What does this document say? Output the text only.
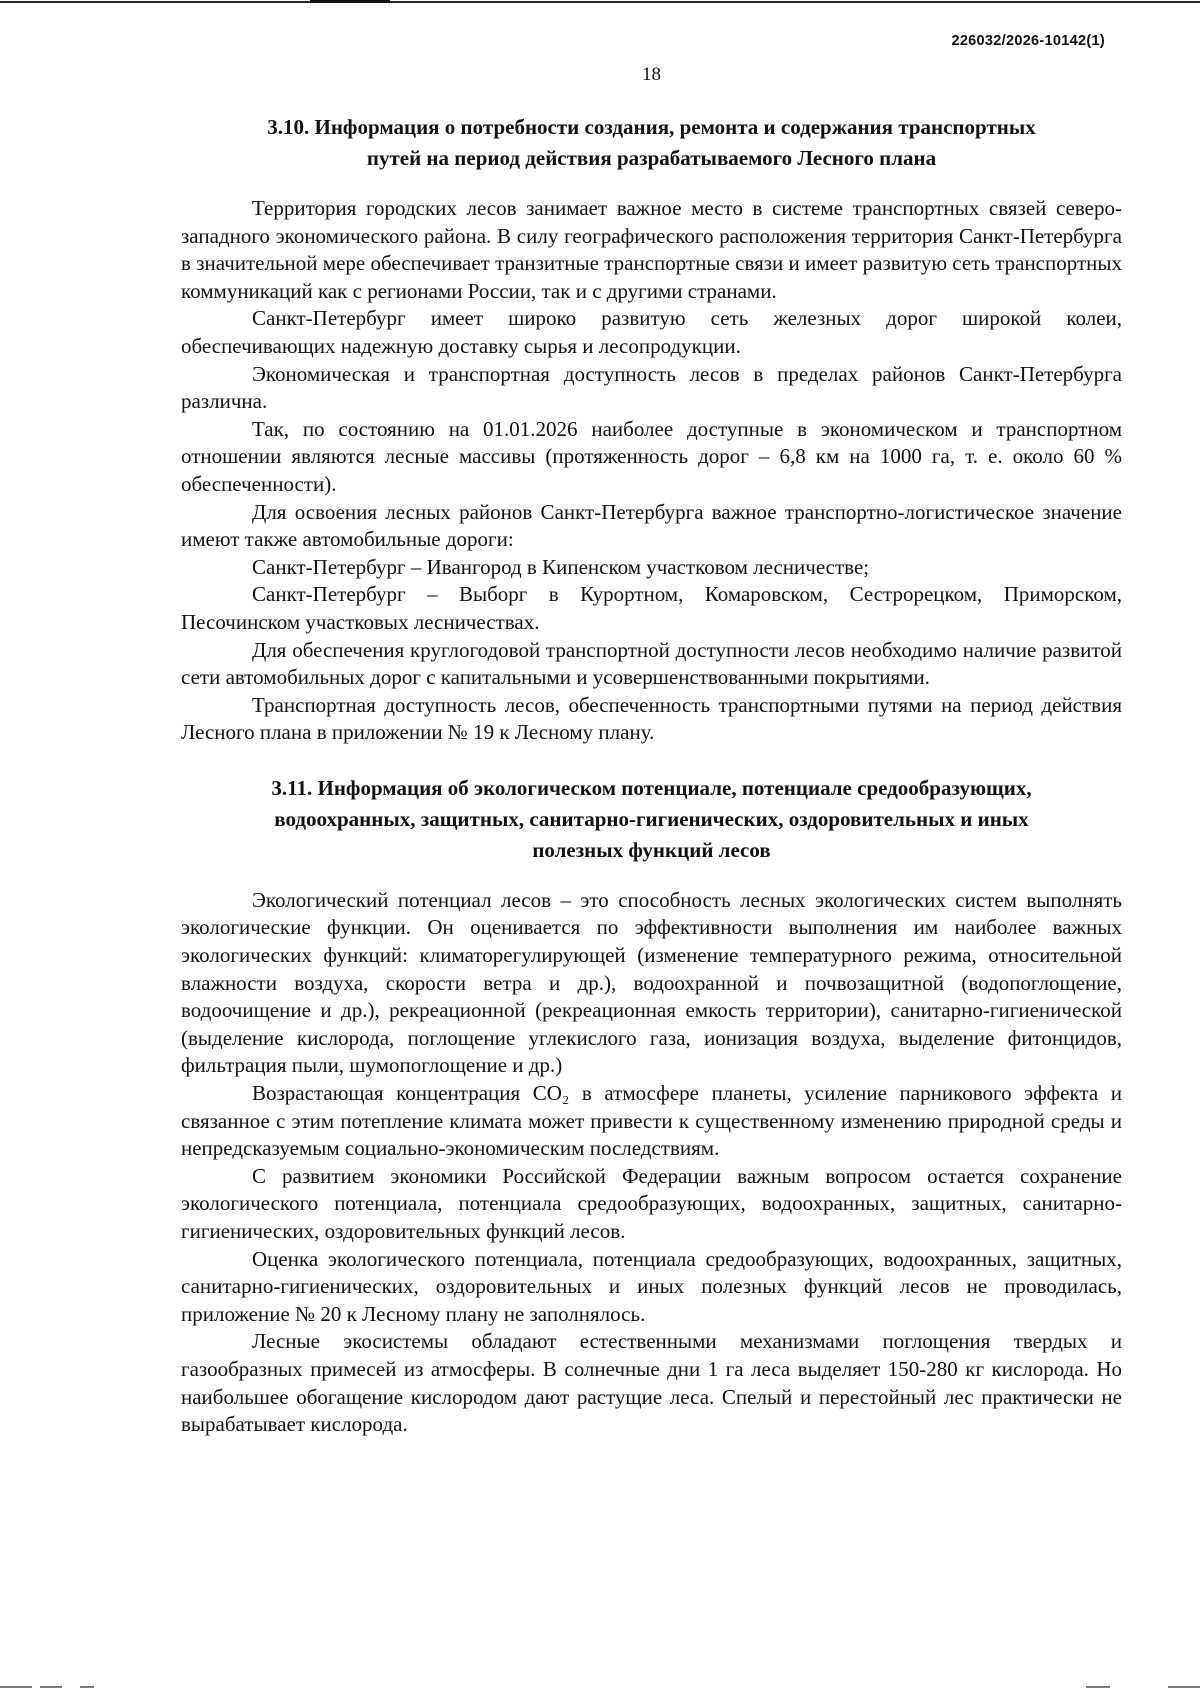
226032/2026-10142(1)
18
3.10. Информация о потребности создания, ремонта и содержания транспортных
путей на период действия разрабатываемого Лесного плана

Территория городских лесов занимает важное место в системе транспортных связей северо-западного экономического района. В силу географического расположения территория Санкт-Петербурга в значительной мере обеспечивает транзитные транспортные связи и имеет развитую сеть транспортных коммуникаций как с регионами России, так и с другими странами.

Санкт-Петербург имеет широко развитую сеть железных дорог широкой колеи, обеспечивающих надежную доставку сырья и лесопродукции.

Экономическая и транспортная доступность лесов в пределах районов Санкт-Петербурга различна.

Так, по состоянию на 01.01.2026 наиболее доступные в экономическом и транспортном отношении являются лесные массивы (протяженность дорог – 6,8 км на 1000 га, т. е. около 60 % обеспеченности).

Для освоения лесных районов Санкт-Петербурга важное транспортно-логистическое значение имеют также автомобильные дороги:

Санкт-Петербург – Ивангород в Кипенском участковом лесничестве;

Санкт-Петербург – Выборг в Курортном, Комаровском, Сестрорецком, Приморском, Песочинском участковых лесничествах.

Для обеспечения круглогодовой транспортной доступности лесов необходимо наличие развитой сети автомобильных дорог с капитальными и усовершенствованными покрытиями.

Транспортная доступность лесов, обеспеченность транспортными путями на период действия Лесного плана в приложении № 19 к Лесному плану.

3.11. Информация об экологическом потенциале, потенциале средообразующих,
водоохранных, защитных, санитарно-гигиенических, оздоровительных и иных
полезных функций лесов

Экологический потенциал лесов – это способность лесных экологических систем выполнять экологические функции. Он оценивается по эффективности выполнения им наиболее важных экологических функций: климаторегулирующей (изменение температурного режима, относительной влажности воздуха, скорости ветра и др.), водоохранной и почвозащитной (водопоглощение, водоочищение и др.), рекреационной (рекреационная емкость территории), санитарно-гигиенической (выделение кислорода, поглощение углекислого газа, ионизация воздуха, выделение фитонцидов, фильтрация пыли, шумопоглощение и др.)

Возрастающая концентрация CO₂ в атмосфере планеты, усиление парникового эффекта и связанное с этим потепление климата может привести к существенному изменению природной среды и непредсказуемым социально-экономическим последствиям.

С развитием экономики Российской Федерации важным вопросом остается сохранение экологического потенциала, потенциала средообразующих, водоохранных, защитных, санитарно-гигиенических, оздоровительных функций лесов.

Оценка экологического потенциала, потенциала средообразующих, водоохранных, защитных, санитарно-гигиенических, оздоровительных и иных полезных функций лесов не проводилась, приложение № 20 к Лесному плану не заполнялось.

Лесные экосистемы обладают естественными механизмами поглощения твердых и газообразных примесей из атмосферы. В солнечные дни 1 га леса выделяет 150-280 кг кислорода. Но наибольшее обогащение кислородом дают растущие леса. Спелый и перестойный лес практически не вырабатывает кислорода.
